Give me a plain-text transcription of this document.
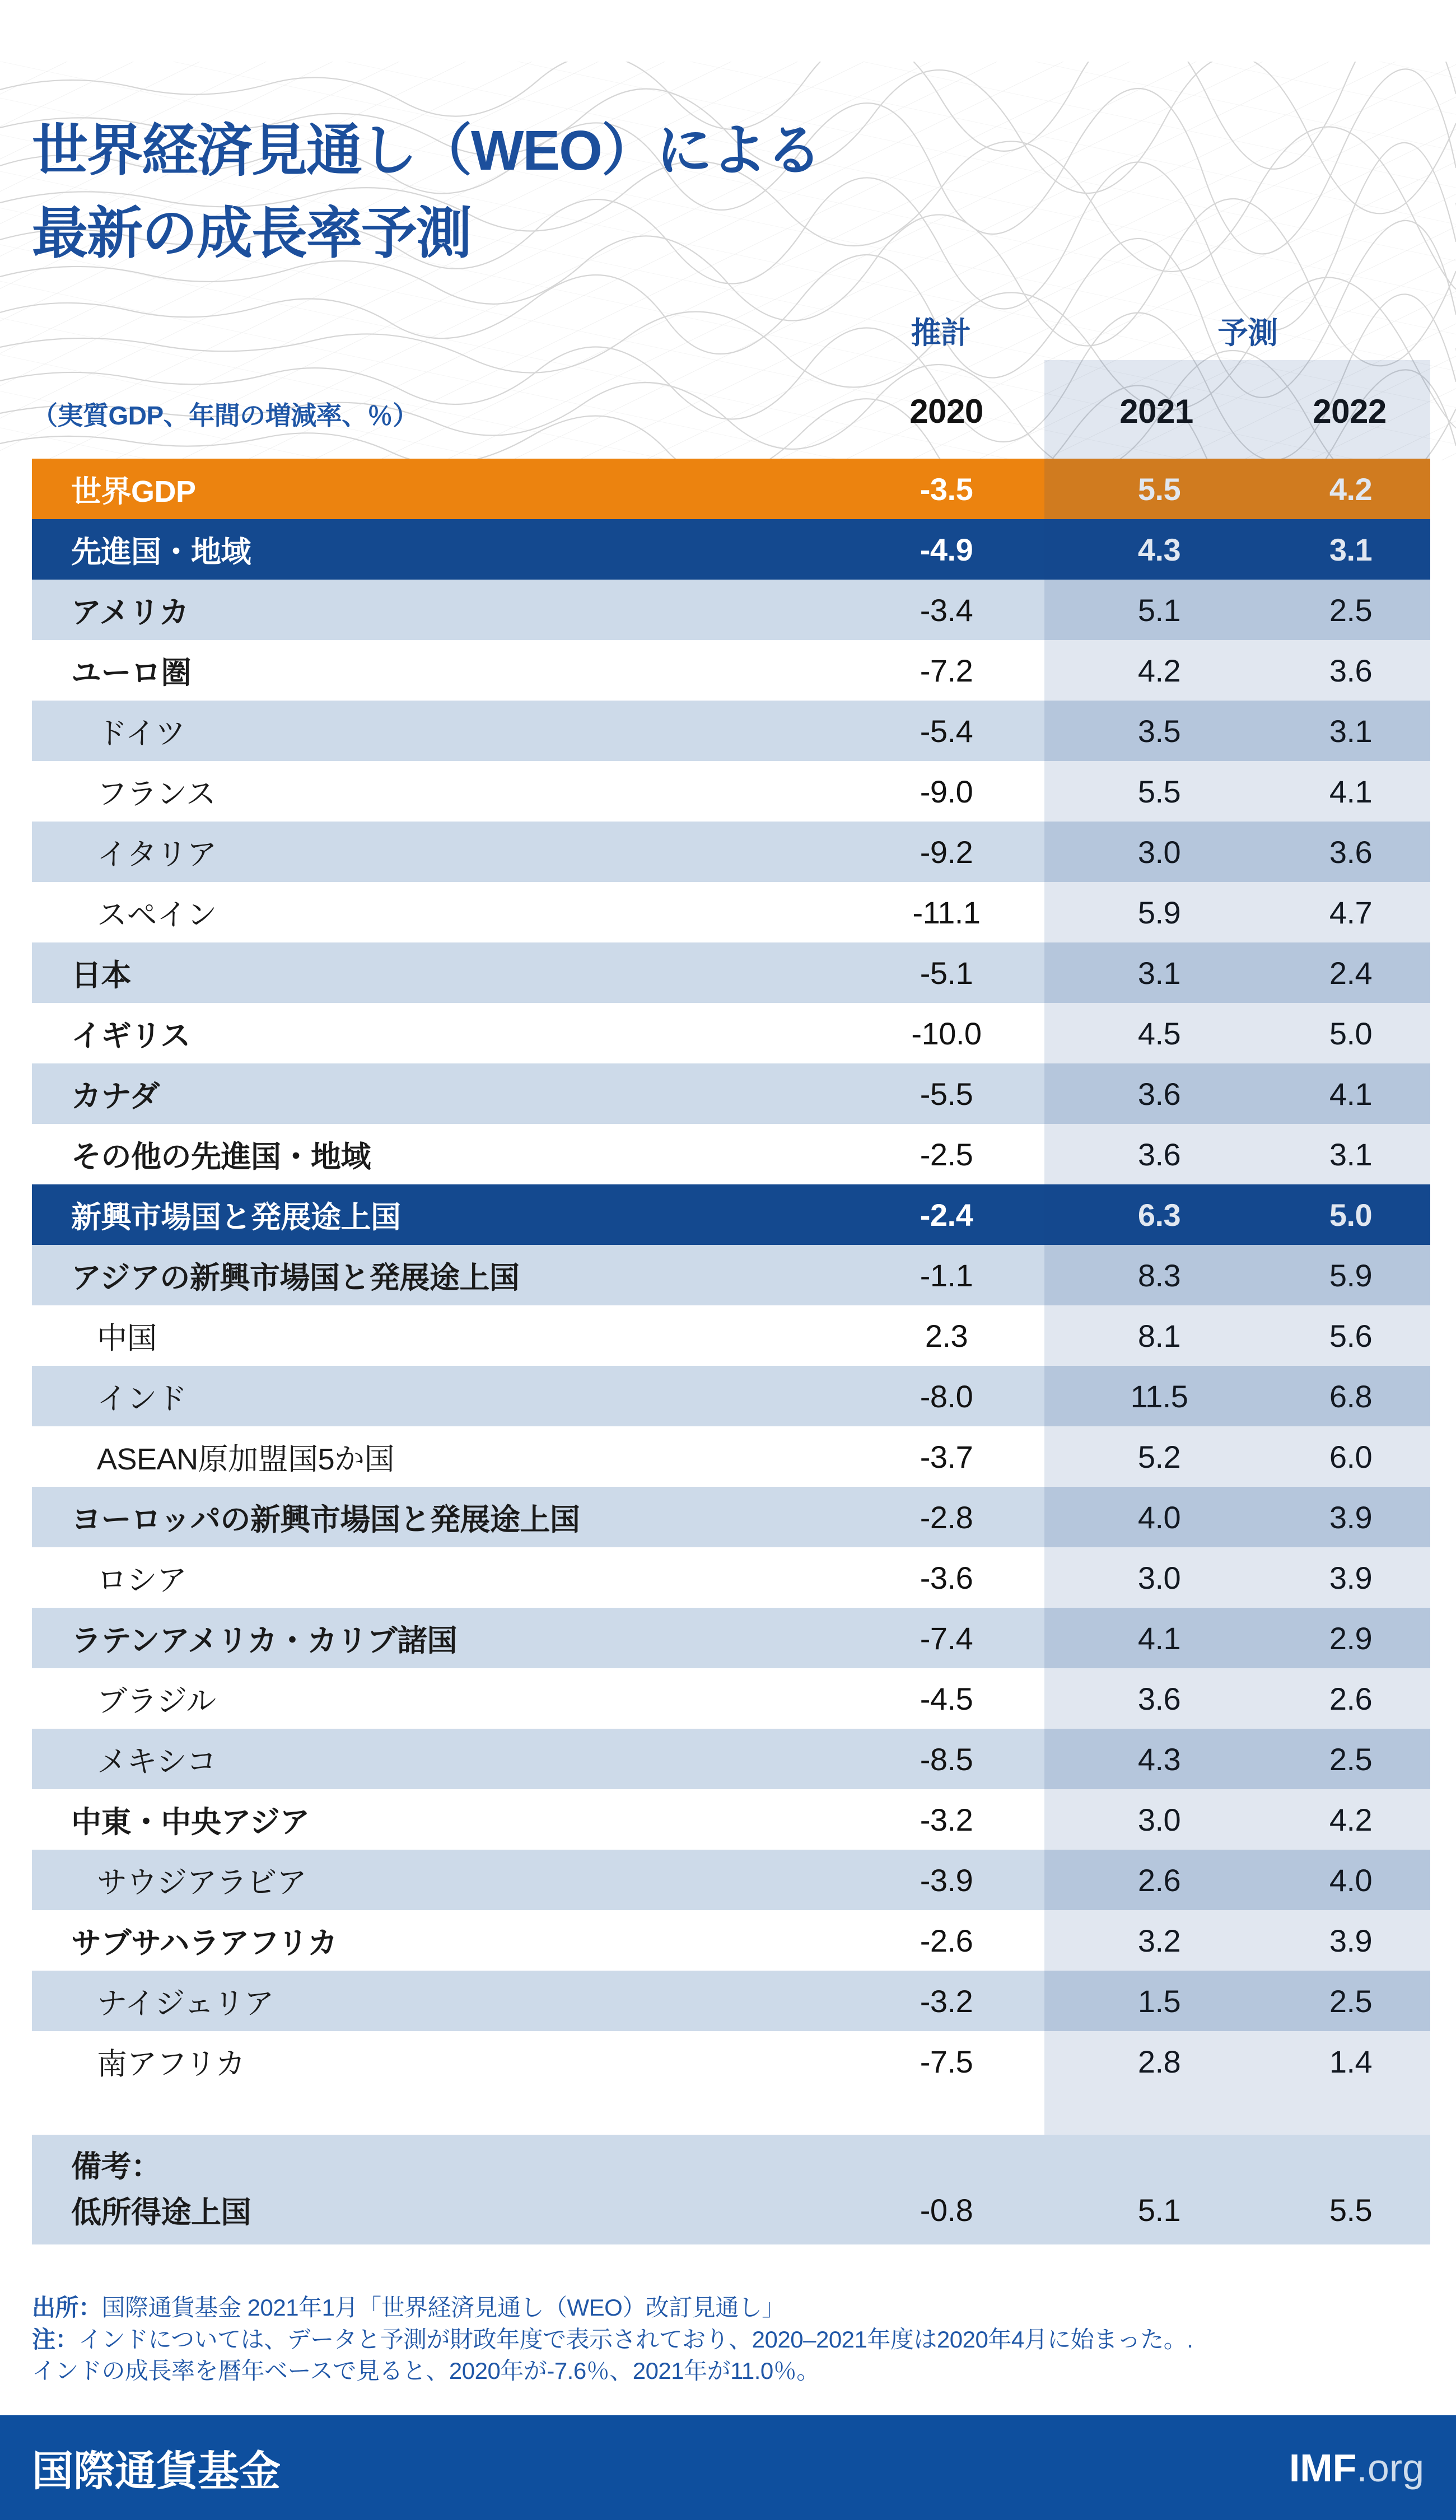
世界経済見通し（WEO）による
最新の成長率予測
推計	予測
（実質GDP、年間の増減率、％）	2020	2021	2022
世界GDP	-3.5	5.5	4.2
先進国・地域	-4.9	4.3	3.1
アメリカ	-3.4	5.1	2.5
ユーロ圏	-7.2	4.2	3.6
ドイツ	-5.4	3.5	3.1
フランス	-9.0	5.5	4.1
イタリア	-9.2	3.0	3.6
スペイン	-11.1	5.9	4.7
日本	-5.1	3.1	2.4
イギリス	-10.0	4.5	5.0
カナダ	-5.5	3.6	4.1
その他の先進国・地域	-2.5	3.6	3.1
新興市場国と発展途上国	-2.4	6.3	5.0
アジアの新興市場国と発展途上国	-1.1	8.3	5.9
中国	2.3	8.1	5.6
インド	-8.0	11.5	6.8
ASEAN原加盟国5か国	-3.7	5.2	6.0
ヨーロッパの新興市場国と発展途上国	-2.8	4.0	3.9
ロシア	-3.6	3.0	3.9
ラテンアメリカ・カリブ諸国	-7.4	4.1	2.9
ブラジル	-4.5	3.6	2.6
メキシコ	-8.5	4.3	2.5
中東・中央アジア	-3.2	3.0	4.2
サウジアラビア	-3.9	2.6	4.0
サブサハラアフリカ	-2.6	3.2	3.9
ナイジェリア	-3.2	1.5	2.5
南アフリカ	-7.5	2.8	1.4
備考：
低所得途上国	-0.8	5.1	5.5

出所：国際通貨基金 2021年1月「世界経済見通し（WEO）改訂見通し」

注：インドについては、データと予測が財政年度で表示されており、2020–2021年度は2020年4月に始まった。.
インドの成長率を暦年ベースで見ると、2020年が-7.6％、2021年が11.0％。
国際通貨基金	IMF.org
